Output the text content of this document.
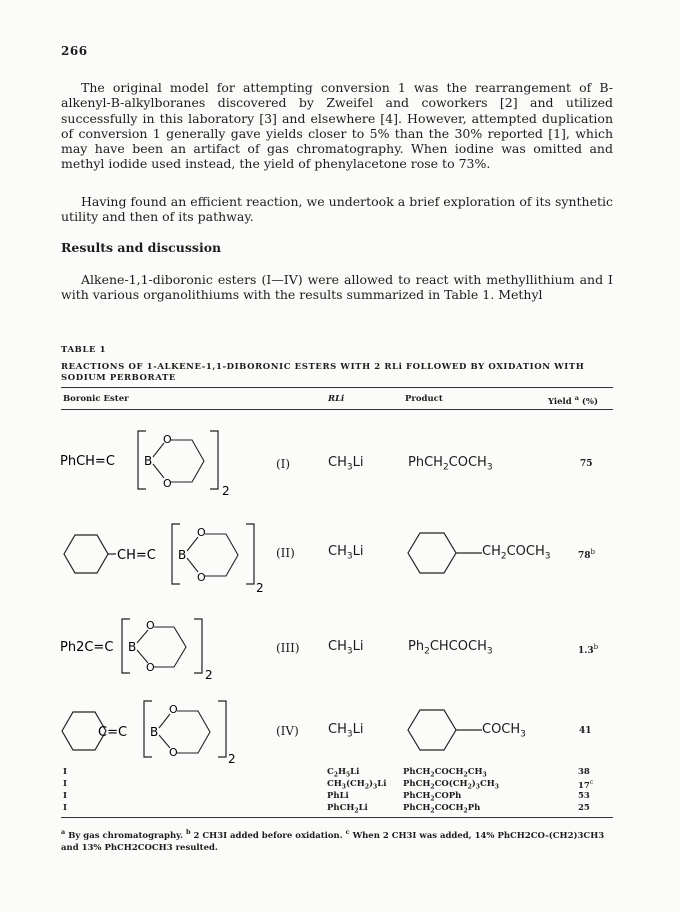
266

The original model for attempting conversion 1 was the rearrangement of B-alkenyl-B-alkylboranes discovered by Zweifel and coworkers [2] and utilized successfully in this laboratory [3] and elsewhere [4]. However, attempted duplication of conversion 1 generally gave yields closer to 5% than the 30% reported [1], which may have been an artifact of gas chromatography. When iodine was omitted and methyl iodide used instead, the yield of phenylacetone rose to 73%.

Having found an efficient reaction, we undertook a brief exploration of its synthetic utility and then of its pathway.

Results and discussion

Alkene-1,1-diboronic esters (I—IV) were allowed to react with methyllithium and I with various organolithiums with the results summarized in Table 1. Methyl

TABLE 1
REACTIONS OF 1-ALKENE-1,1-DIBORONIC ESTERS WITH 2 RLi FOLLOWED BY OXIDATION WITH SODIUM PERBORATE
Boronic Ester	RLi	Product	Yield $^a$ (%)
PhCH=C
2
B
O
O
(I)	$CH_3Li$	$PhCH_2COCH_3$	75
CH=C
2
B
O
O
(II)	$CH_3Li$	$CH_2COCH_3$	78$^b$
Ph2C=C
2
B
O
O
(III) $CH_3Li$	$Ph_2CHCOCH_3$	1.3$^b$
C=C
2
B
O
O
(IV) $CH_3Li$	$COCH_3$	41
I	$C_2H_5Li$	$PhCH_2COCH_2CH_3$	38
I	$CH_3(CH_2)_3Li$ $PhCH_2CO(CH_2)_3CH_3$	17$^c$
I	PhLi	PhCH$_2$COPh	53
I	PhCH$_2$Li	$PhCH_2COCH_2Ph$	25
$^a$ By gas chromatography. $^b$ 2 CH3I added before oxidation. $^c$ When 2 CH3I was added, 14% PhCH2CO-(CH2)3CH3 and 13% PhCH2COCH3 resulted.
